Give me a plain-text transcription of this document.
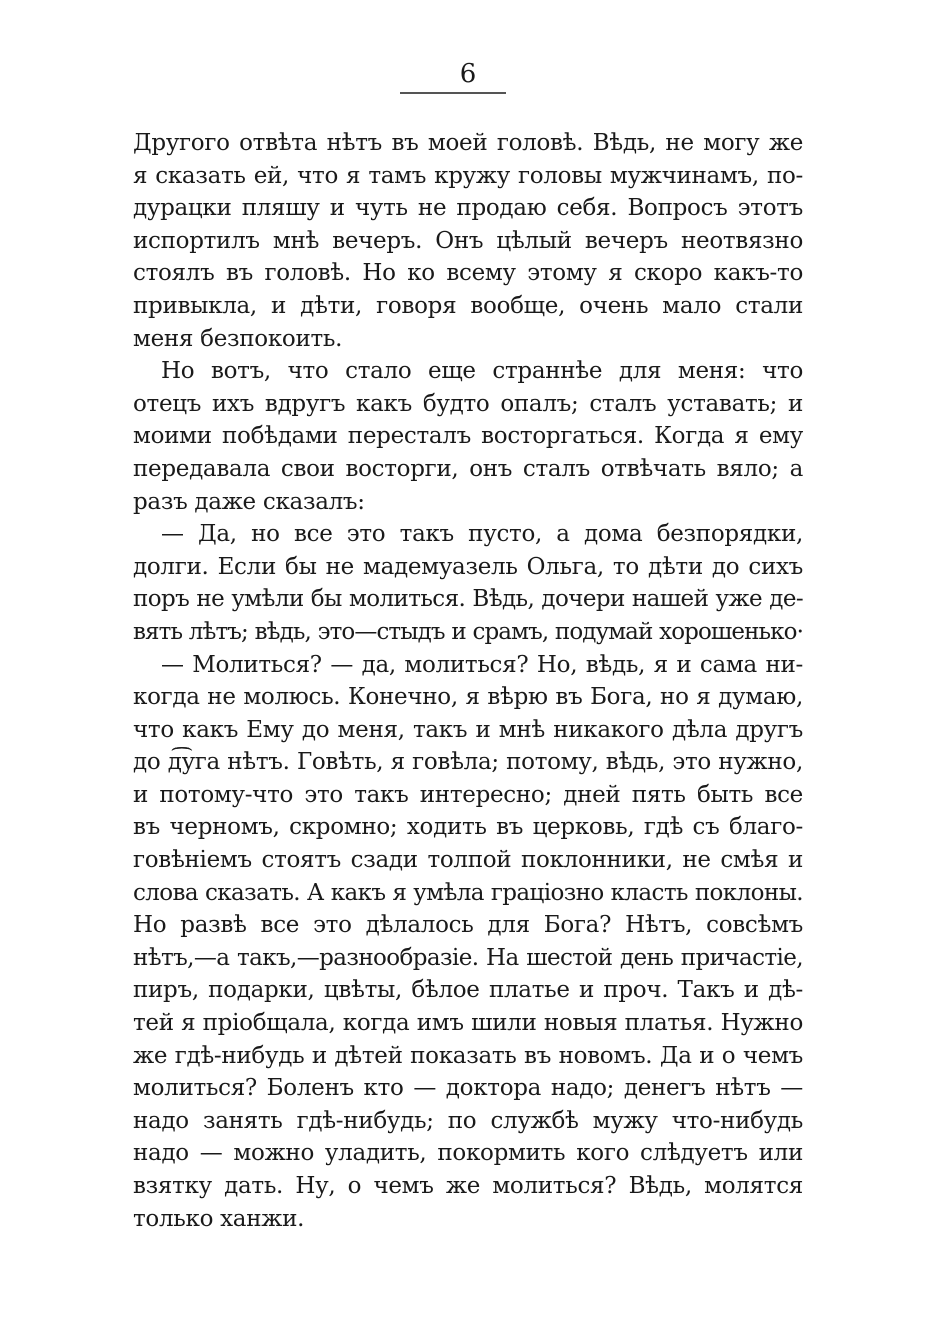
6
Другого отвѣта нѣтъ въ моей головѣ. Вѣдь, не могу же
я сказать ей, что я тамъ кружу головы мужчинамъ, по-
дурацки пляшу и чуть не продаю себя. Вопросъ этотъ
испортилъ мнѣ вечеръ. Онъ цѣлый вечеръ неотвязно
стоялъ въ головѣ. Но ко всему этому я скоро какъ-то
привыкла, и дѣти, говоря вообще, очень мало стали
меня безпокоить.
Но вотъ, что стало еще страннѣе для меня: что
отецъ ихъ вдругъ какъ будто опалъ; сталъ уставать; и
моими побѣдами пересталъ восторгаться. Когда я ему
передавала свои восторги, онъ сталъ отвѣчать вяло; а
разъ даже сказалъ:
— Да, но все это такъ пусто, а дома безпорядки,
долги. Если бы не мадемуазель Ольга, то дѣти до сихъ
поръ не умѣли бы молиться. Вѣдь, дочери нашей уже де-
вять лѣтъ; вѣдь, это—стыдъ и срамъ, подумай хорошенько·
— Молиться? — да, молиться? Но, вѣдь, я и сама ни-
когда не молюсь. Конечно, я вѣрю въ Бога, но я думаю,
что какъ Ему до меня, такъ и мнѣ никакого дѣла другъ
до д͡͡͡уга нѣтъ. Говѣть, я говѣла; потому, вѣдь, это нужно,
и потому-что это такъ интересно; дней пять быть все
въ черномъ, скромно; ходить въ церковь, гдѣ съ благо-
говѣнiемъ стоятъ сзади толпой поклонники, не смѣя и
слова сказать. А какъ я умѣла граціозно класть поклоны.
Но развѣ все это дѣлалось для Бога? Нѣтъ, совсѣмъ
нѣтъ,—а такъ,—разнообразіе. На шестой день причастіе,
пиръ, подарки, цвѣты, бѣлое платье и проч. Такъ и дѣ-
тей я пріобщала, когда имъ шили новыя платья. Нужно
же гдѣ-нибудь и дѣтей показать въ новомъ. Да и о чемъ
молиться? Боленъ кто — доктора надо; денегъ нѣтъ —
надо занять гдѣ-нибудь; по службѣ мужу что-нибудь
надо — можно уладить, покормить кого слѣдуетъ или
взятку дать. Ну, о чемъ же молиться? Вѣдь, молятся
только ханжи.
